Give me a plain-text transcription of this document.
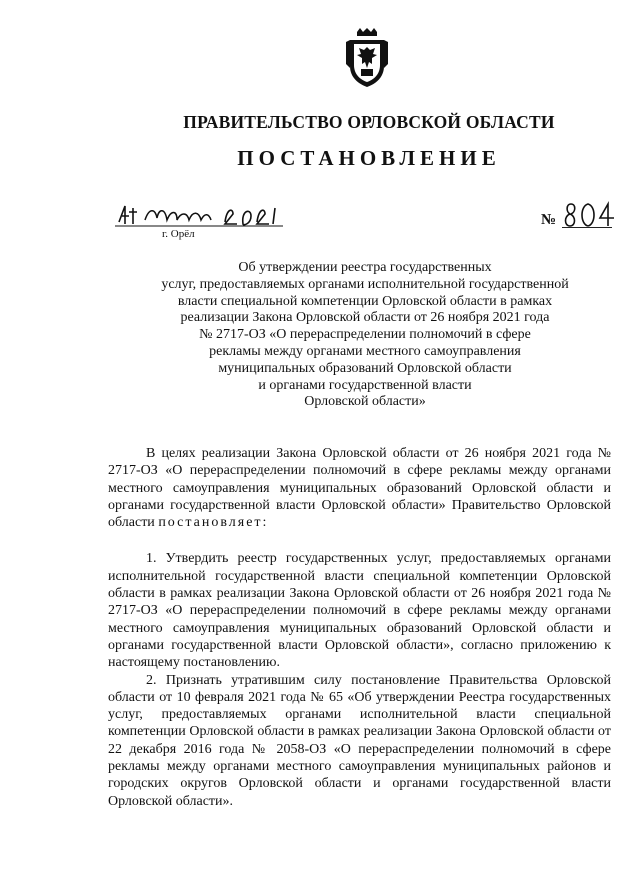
ПРАВИТЕЛЬСТВО ОРЛОВСКОЙ ОБЛАСТИ
ПОСТАНОВЛЕНИЕ
г. Орёл
№
Об утверждении реестра государственных
услуг, предоставляемых органами исполнительной государственной
власти специальной компетенции Орловской области в рамках
реализации Закона Орловской области от 26 ноября 2021 года
№ 2717-ОЗ «О перераспределении полномочий в сфере
рекламы между органами местного самоуправления
муниципальных образований Орловской области
и органами государственной власти
Орловской области»

В целях реализации Закона Орловской области от 26 ноября 2021 года № 2717-ОЗ «О перераспределении полномочий в сфере рекламы между органами местного самоуправления муниципальных образований Орловской области и органами государственной власти Орловской области» Правительство Орловской области постановляет:

1. Утвердить реестр государственных услуг, предоставляемых органами исполнительной государственной власти специальной компетенции Орловской области в рамках реализации Закона Орловской области от 26 ноября 2021 года № 2717-ОЗ «О перераспределении полномочий в сфере рекламы между органами местного самоуправления муниципальных образований Орловской области и органами государственной власти Орловской области», согласно приложению к настоящему постановлению.

2. Признать утратившим силу постановление Правительства Орловской области от 10 февраля 2021 года № 65 «Об утверждении Реестра государственных услуг, предоставляемых органами исполнительной власти специальной компетенции Орловской области в рамках реализации Закона Орловской области от 22 декабря 2016 года № 2058-ОЗ «О перераспределении полномочий в сфере рекламы между органами местного самоуправления муниципальных районов и городских округов Орловской области и органами государственной власти Орловской области».
